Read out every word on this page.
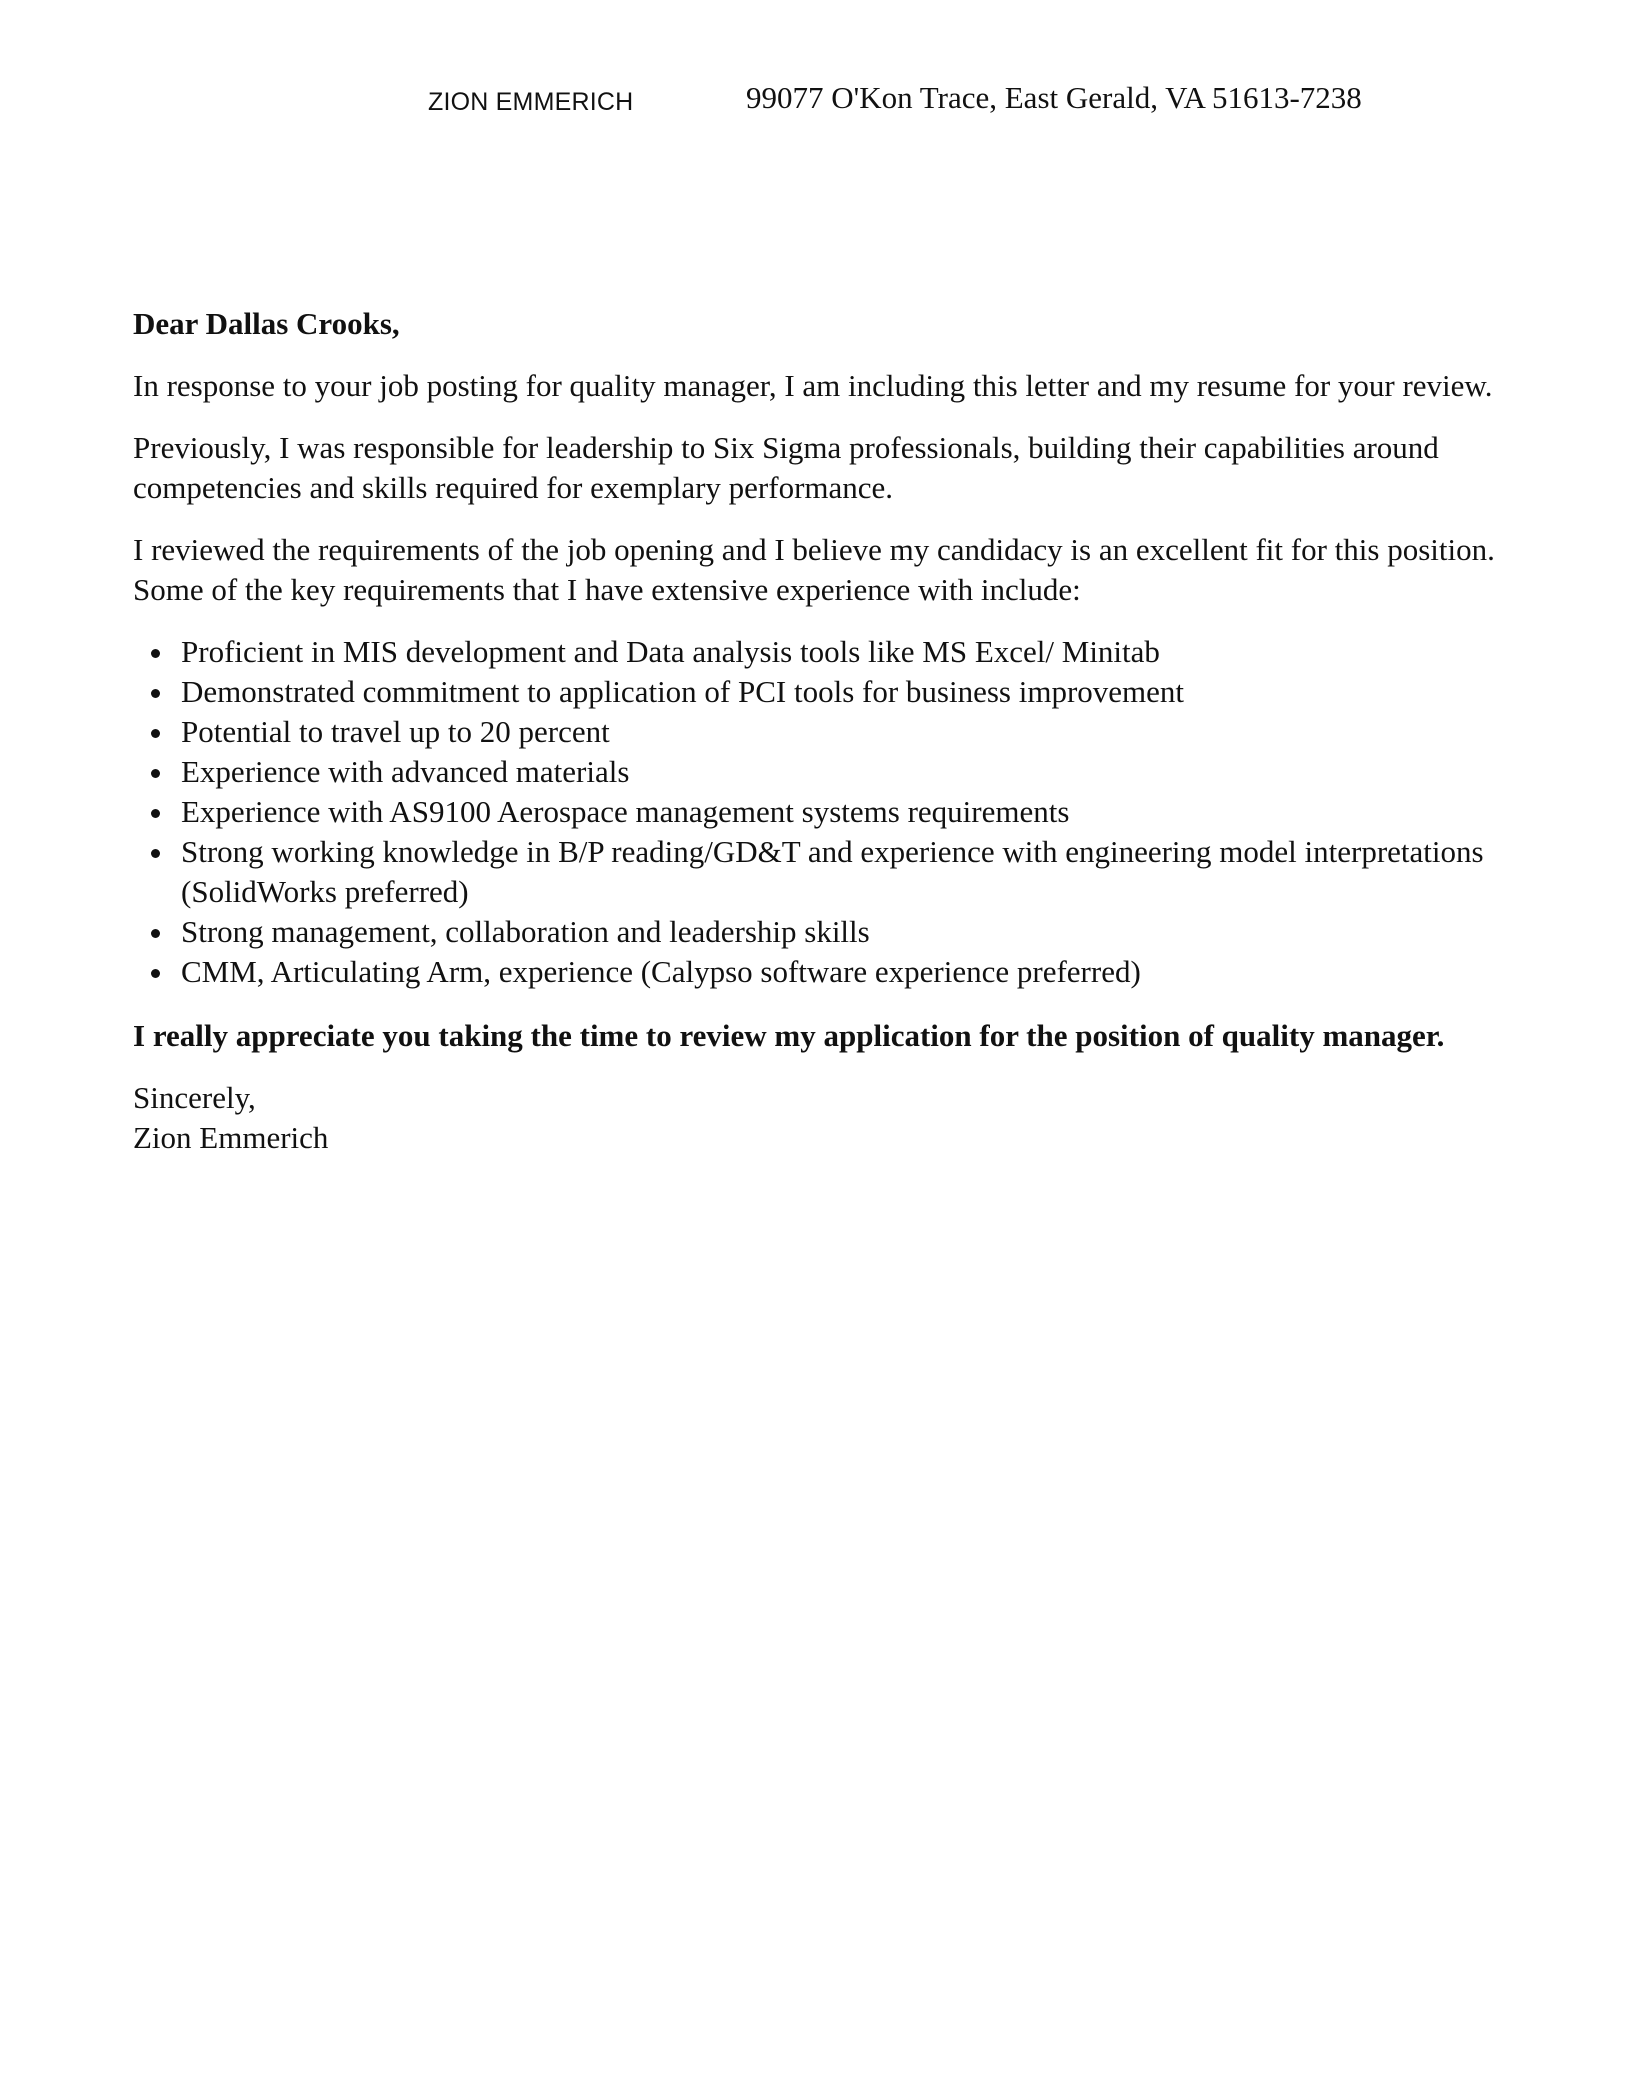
ZION EMMERICH	99077 O'Kon Trace, East Gerald, VA 51613-7238

Dear Dallas Crooks,

In response to your job posting for quality manager, I am including this letter and my resume for your review.

Previously, I was responsible for leadership to Six Sigma professionals, building their capabilities around competencies and skills required for exemplary performance.

I reviewed the requirements of the job opening and I believe my candidacy is an excellent fit for this position. Some of the key requirements that I have extensive experience with include:

Proficient in MIS development and Data analysis tools like MS Excel/ Minitab
Demonstrated commitment to application of PCI tools for business improvement
Potential to travel up to 20 percent
Experience with advanced materials
Experience with AS9100 Aerospace management systems requirements
Strong working knowledge in B/P reading/GD&T and experience with engineering model interpretations (SolidWorks preferred)
Strong management, collaboration and leadership skills
CMM, Articulating Arm, experience (Calypso software experience preferred)

I really appreciate you taking the time to review my application for the position of quality manager.

Sincerely,
Zion Emmerich
